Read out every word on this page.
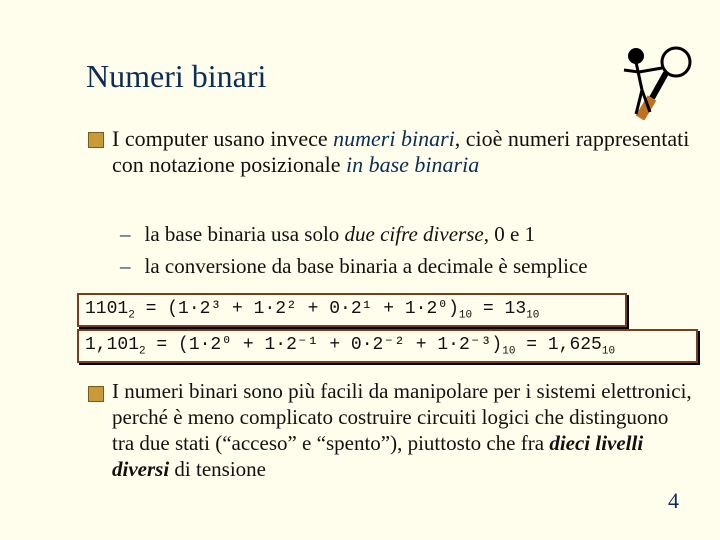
Numeri binari
I computer usano invece numeri binari, cioè numeri rappresentati con notazione posizionale in base binaria
– la base binaria usa solo due cifre diverse, 0 e 1
– la conversione da base binaria a decimale è semplice
$1101_2 = (1\cdot 2^3 + 1\cdot 2^2 + 0\cdot 2^1 + 1\cdot 2^0)_{10} = 13_{10}$
$1,101_2 = (1\cdot 2^0 + 1\cdot 2^{-1} + 0\cdot 2^{-2} + 1\cdot 2^{-3})_{10} = 1,625_{10}$
I numeri binari sono più facili da manipolare per i sistemi elettronici, perché è meno complicato costruire circuiti logici che distinguono tra due stati (“acceso” e “spento”), piuttosto che fra dieci livelli diversi di tensione
4
